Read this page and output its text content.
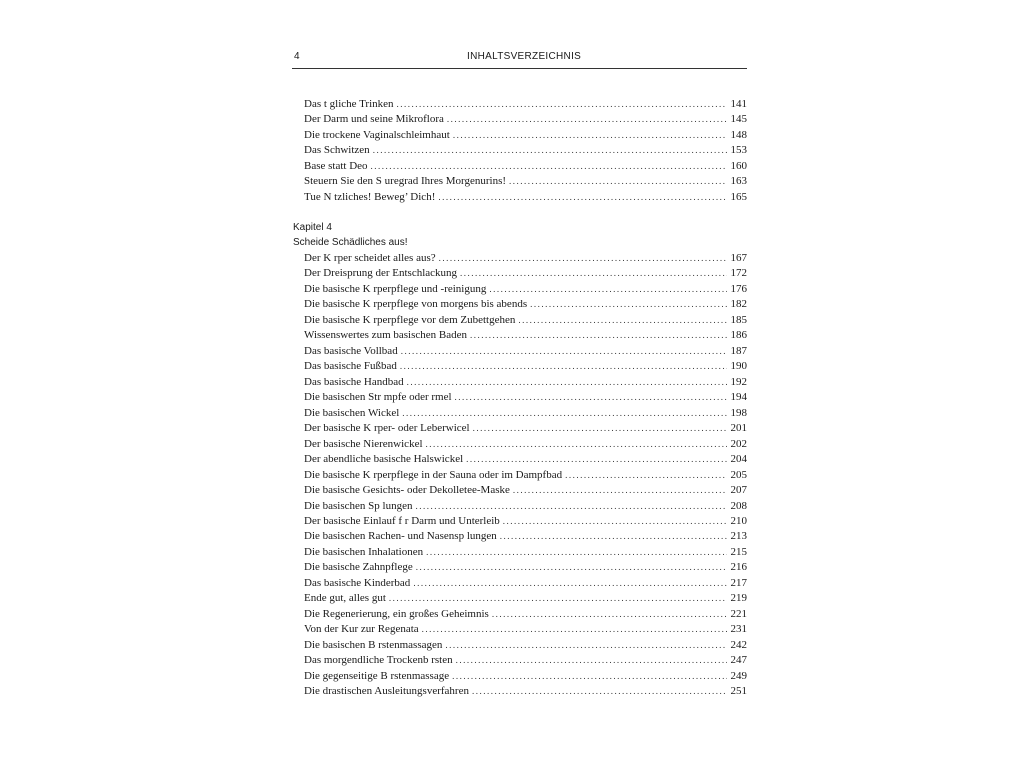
4	INHALTSVERZEICHNIS
Das t gliche Trinken .....	141
Der Darm und seine Mikroflora .....	145
Die trockene Vaginalschleimhaut .....	148
Das Schwitzen .....	153
Base statt Deo .....	160
Steuern Sie den S uregrad Ihres Morgenurins! .....	163
Tue N tzliches! Beweg’ Dich! .....	165
Kapitel 4
Scheide Schädliches aus!
Der K rper scheidet alles aus? .....	167
Der Dreisprung der Entschlackung .....	172
Die basische K rperpflege und -reinigung .....	176
Die basische K rperpflege von morgens bis abends .....	182
Die basische K rperpflege vor dem Zubettgehen .....	185
Wissenswertes zum basischen Baden .....	186
Das basische Vollbad .....	187
Das basische Fußbad .....	190
Das basische Handbad .....	192
Die basischen Str mpfe oder rmel .....	194
Die basischen Wickel .....	198
Der basische K rper- oder Leberwicel .....	201
Der basische Nierenwickel .....	202
Der abendliche basische Halswickel .....	204
Die basische K rperpflege in der Sauna oder im Dampfbad .....	205
Die basische Gesichts- oder Dekolletee-Maske .....	207
Die basischen Sp lungen .....	208
Der basische Einlauf f r Darm und Unterleib .....	210
Die basischen Rachen- und Nasensp lungen .....	213
Die basischen Inhalationen .....	215
Die basische Zahnpflege .....	216
Das basische Kinderbad .....	217
Ende gut, alles gut .....	219
Die Regenerierung, ein großes Geheimnis .....	221
Von der Kur zur Regenata .....	231
Die basischen B rstenmassagen .....	242
Das morgendliche Trockenb rsten .....	247
Die gegenseitige B rstenmassage .....	249
Die drastischen Ausleitungsverfahren .....	251
